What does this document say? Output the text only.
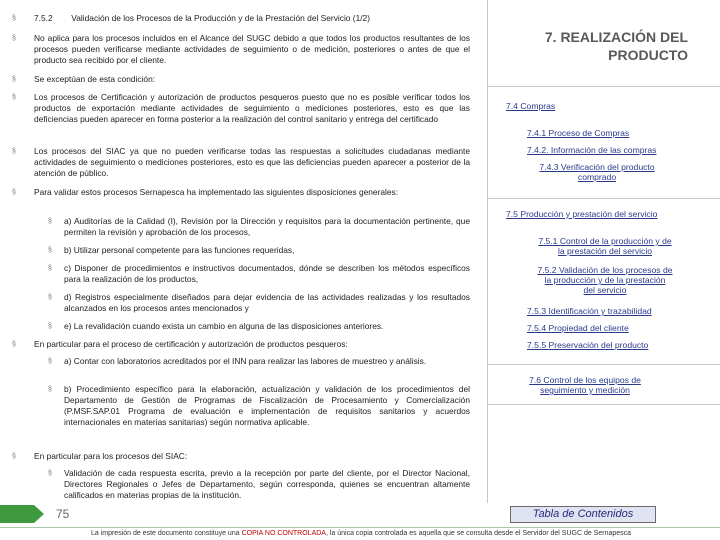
§ 7.5.2 Validación de los Procesos de la Producción y de la Prestación del Servicio (1/2)
§ No aplica para los procesos incluidos en el Alcance del SUGC debido a que todos los productos resultantes de los procesos pueden verificarse mediante actividades de seguimiento o de medición, posteriores o antes de que el producto sea recibido por el cliente.
§ Se exceptúan de esta condición:
§ Los procesos de Certificación y autorización de productos pesqueros puesto que no es posible verificar todos los productos de exportación mediante actividades de seguimiento o mediciones posteriores, esto es que las deficiencias pueden aparecer en forma posterior a la realización del control sanitario y entrega del certificado
§ Los procesos del SIAC ya que no pueden verificarse todas las respuestas a solicitudes ciudadanas mediante actividades de seguimiento o mediciones posteriores, esto es que las deficiencias pueden aparecer a posterior de la atención de público.
§ Para validar estos procesos Sernapesca ha implementado las siguientes disposiciones generales:
§ a) Auditorías de la Calidad (I), Revisión por la Dirección y requisitos para la documentación pertinente, que permiten la revisión y aprobación de los procesos,
§ b) Utilizar personal competente para las funciones requeridas,
§ c) Disponer de procedimientos e instructivos documentados, dónde se describen los métodos específicos para la realización de los productos,
§ d) Registros especialmente diseñados para dejar evidencia de las actividades realizadas y los resultados alcanzados en los procesos antes mencionados y
§ e) La revalidación cuando exista un cambio en alguna de las disposiciones anteriores.
§ En particular para el proceso de certificación y autorización de productos pesqueros:
§ a) Contar con laboratorios acreditados por el INN para realizar las labores de muestreo y análisis.
§ b) Procedimiento específico para la elaboración, actualización y validación de los procedimientos del Departamento de Gestión de Programas de Fiscalización de Procesamiento y Comercialización (P.MSF.SAP.01 Programa de evaluación e implementación de requisitos sanitarios y acuerdos internacionales en materias sanitarias) según normativa aplicable.
§ En particular para los procesos del SIAC:
§ Validación de cada respuesta escrita, previo a la recepción por parte del cliente, por el Director Nacional, Directores Regionales o Jefes de Departamento, según corresponda, quienes se encuentran altamente calificados en materias propias de la institución.
7. REALIZACIÓN DEL
PRODUCTO
7.4 Compras
7.4.1 Proceso de Compras
7.4.2. Información de las compras
7.4.3 Verificación del producto
comprado
7.5 Producción y prestación del servicio
7.5.1 Control de la producción y de
la prestación del servicio
7.5.2 Validación de los procesos de
la producción y de la prestación
del servicio
7.5.3 Identificación y trazabilidad
7.5.4 Propiedad del cliente
7.5.5 Preservación del producto
7.6 Control de los equipos de
seguimiento y medición
75	Tabla de Contenidos
La impresión de este documento constituye una COPIA NO CONTROLADA, la única copia controlada es aquella que se consulta desde el Servidor del SUGC de Sernapesca
